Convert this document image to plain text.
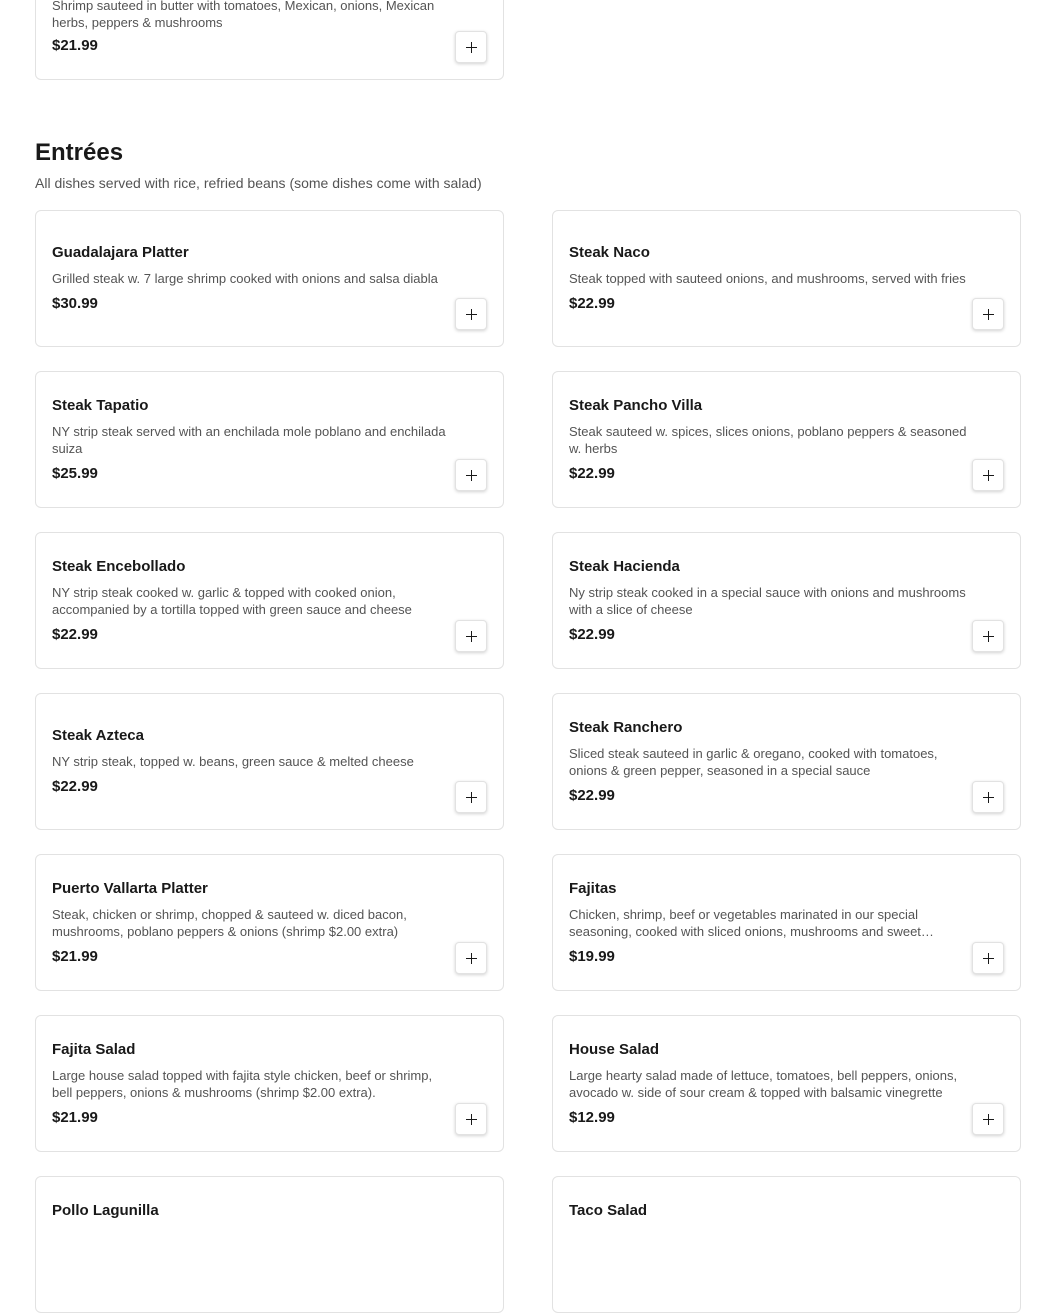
Shrimp sauteed in butter with tomatoes, Mexican, onions, Mexican herbs, peppers & mushrooms

$21.99

Entrées

All dishes served with rice, refried beans (some dishes come with salad)

Guadalajara Platter

Grilled steak w. 7 large shrimp cooked with onions and salsa diabla

$30.99

Steak Naco

Steak topped with sauteed onions, and mushrooms, served with fries

$22.99

Steak Tapatio

NY strip steak served with an enchilada mole poblano and enchilada suiza

$25.99

Steak Pancho Villa

Steak sauteed w. spices, slices onions, poblano peppers & seasoned w. herbs

$22.99

Steak Encebollado

NY strip steak cooked w. garlic & topped with cooked onion, accompanied by a tortilla topped with green sauce and cheese

$22.99

Steak Hacienda

Ny strip steak cooked in a special sauce with onions and mushrooms with a slice of cheese

$22.99

Steak Azteca

NY strip steak, topped w. beans, green sauce & melted cheese

$22.99

Steak Ranchero

Sliced steak sauteed in garlic & oregano, cooked with tomatoes, onions & green pepper, seasoned in a special sauce

$22.99

Puerto Vallarta Platter

Steak, chicken or shrimp, chopped & sauteed w. diced bacon, mushrooms, poblano peppers & onions (shrimp $2.00 extra)

$21.99

Fajitas

Chicken, shrimp, beef or vegetables marinated in our special seasoning, cooked with sliced onions, mushrooms and sweet…

$19.99

Fajita Salad

Large house salad topped with fajita style chicken, beef or shrimp, bell peppers, onions & mushrooms (shrimp $2.00 extra).

$21.99

House Salad

Large hearty salad made of lettuce, tomatoes, bell peppers, onions, avocado w. side of sour cream & topped with balsamic vinegrette

$12.99

Pollo Lagunilla	Taco Salad
